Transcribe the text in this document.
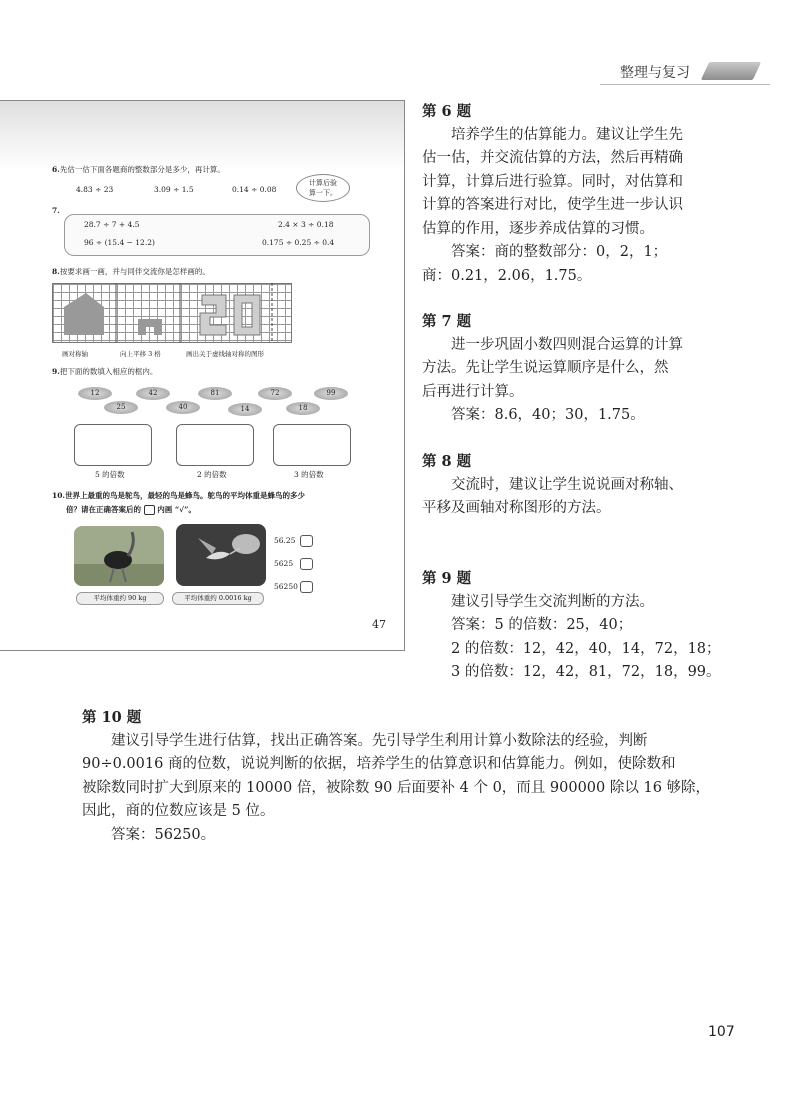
整理与复习
6.先估一估下面各题商的整数部分是多少，再计算。
4.83 ÷ 23	3.09 ÷ 1.5	0.14 ÷ 0.08
计算后验
算一下。
7.
28.7 ÷ 7 + 4.5	2.4 × 3 ÷ 0.18
96 ÷ (15.4 − 12.2)	0.175 ÷ 0.25 ÷ 0.4
8.按要求画一画，并与同伴交流你是怎样画的。
画对称轴	向上平移 3 格	画出关于虚线轴对称的图形
9.把下面的数填入相应的框内。
12	42	81	72	99
25	40	14	18
5 的倍数	2 的倍数	3 的倍数
10.世界上最重的鸟是鸵鸟，最轻的鸟是蜂鸟。鸵鸟的平均体重是蜂鸟的多少
倍？请在正确答案后的 内画 “√”。
平均体重约 90 kg	平均体重约 0.0016 kg
56.25
5625
56250
47
第 6 题
培养学生的估算能力。建议让学生先
估一估，并交流估算的方法，然后再精确
计算，计算后进行验算。同时，对估算和
计算的答案进行对比，使学生进一步认识
估算的作用，逐步养成估算的习惯。
答案：商的整数部分：0，2，1；
商：0.21，2.06，1.75。
第 7 题
进一步巩固小数四则混合运算的计算
方法。先让学生说运算顺序是什么，然
后再进行计算。
答案：8.6，40；30，1.75。
第 8 题
交流时，建议让学生说说画对称轴、
平移及画轴对称图形的方法。
第 9 题
建议引导学生交流判断的方法。
答案：5 的倍数：25，40；
2 的倍数：12，42，40，14，72，18；
3 的倍数：12，42，81，72，18，99。
第 10 题
建议引导学生进行估算，找出正确答案。先引导学生利用计算小数除法的经验，判断
90÷0.0016 商的位数，说说判断的依据，培养学生的估算意识和估算能力。例如，使除数和
被除数同时扩大到原来的 10000 倍，被除数 90 后面要补 4 个 0，而且 900000 除以 16 够除，
因此，商的位数应该是 5 位。
答案：56250。
107
